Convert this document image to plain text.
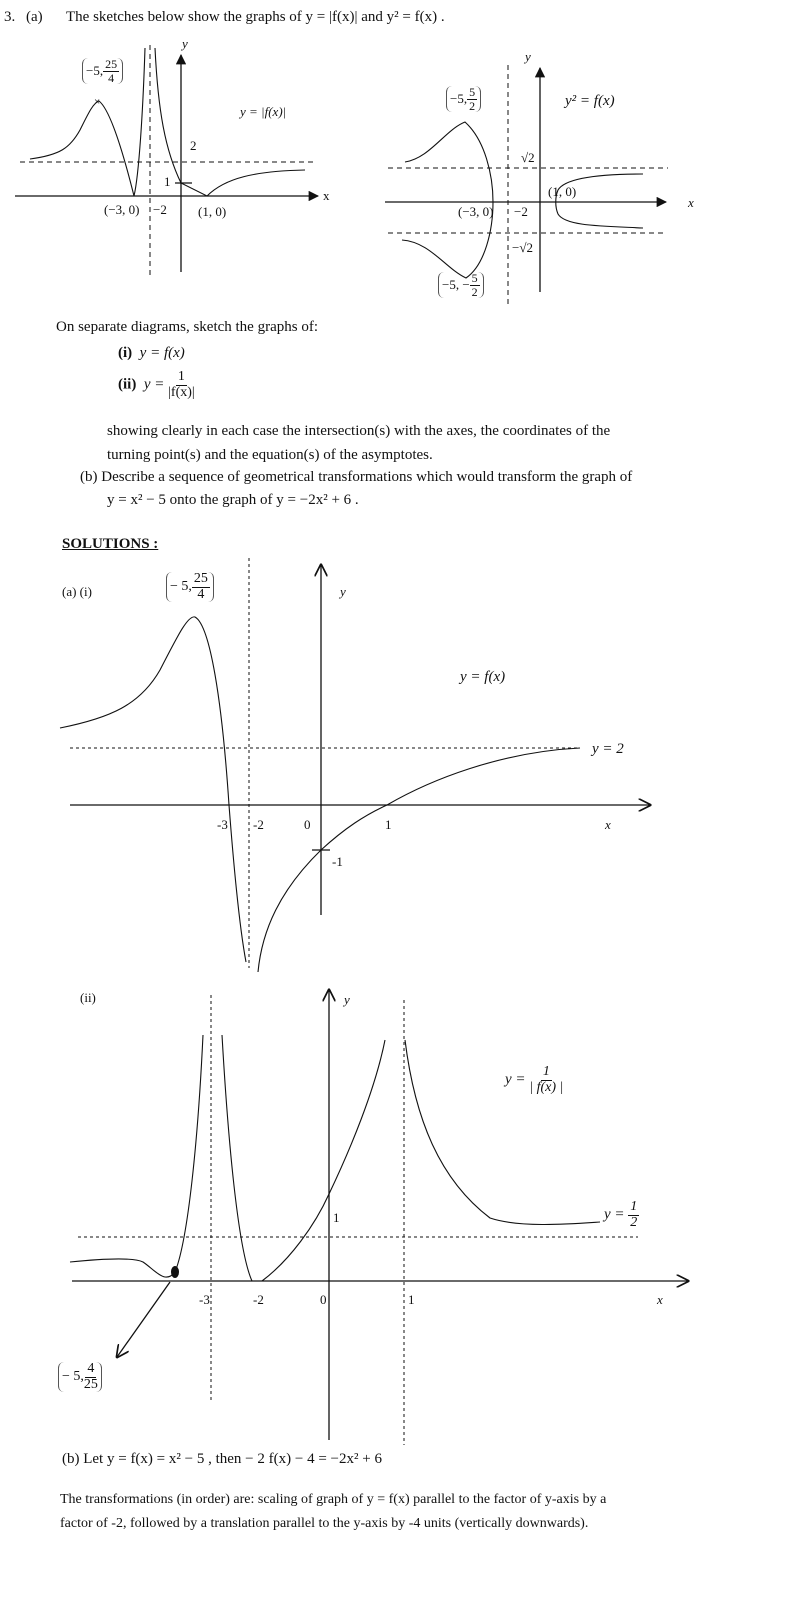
×
3. (a) The sketches below show the graphs of y = |f(x)| and y² = f(x) .
y
x
−5, $\frac{25}{4}$
y = |f(x)|
2
1
(−3, 0) −2 (1, 0)
y
x
−5, $\frac{5}{2}$
−5, − $\frac{5}{2}$
y² = f(x)
√2
−√2
(−3, 0) −2
(1, 0)
On separate diagrams, sketch the graphs of:
(i) y = f(x)
(ii) $y = \frac{1}{|f(x)|}$
showing clearly in each case the intersection(s) with the axes, the coordinates of the
turning point(s) and the equation(s) of the asymptotes.
(b) Describe a sequence of geometrical transformations which would transform the graph of
y = x² − 5 onto the graph of y = −2x² + 6 .
SOLUTIONS :
(a) (i)	− 5, $\frac{25}{4}$	y
x
y = f(x)
y = 2
-3 -2	0	1
-1
(ii)	y
x
$y = \frac{1}{| f(x) |}$
$y = \frac{1}{2}$
− 5, $\frac{4}{25}$
-3	-2	0	1
1
(b) Let y = f(x) = x² − 5 , then − 2 f(x) − 4 = −2x² + 6
The transformations (in order) are: scaling of graph of y = f(x) parallel to the factor of y-axis by a
factor of -2, followed by a translation parallel to the y-axis by -4 units (vertically downwards).
